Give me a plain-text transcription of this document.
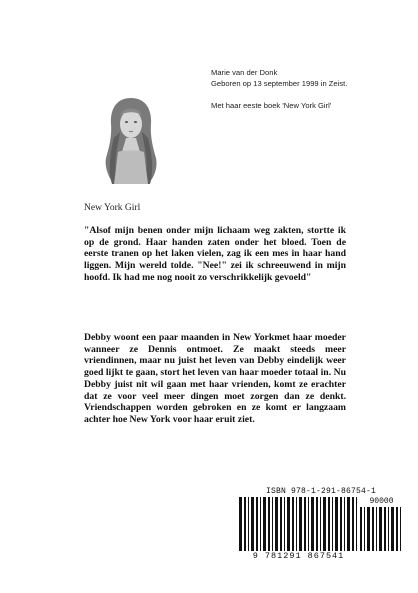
Marie van der Donk

Geboren op 13 september 1999 in Zeist.

Met haar eeste boek 'New York Girl'

New York Girl
"Alsof mijn benen onder mijn lichaam weg zakten, stortte ik op de grond. Haar handen zaten onder het bloed. Toen de eerste tranen op het laken vielen, zag ik een mes in haar hand liggen. Mijn wereld tolde. "Nee!" zei ik schreeuwend in mijn hoofd. Ik had me nog nooit zo verschrikkelijk gevoeld"
Debby woont een paar maanden in New Yorkmet haar moeder wanneer ze Dennis ontmoet. Ze maakt steeds meer vriendinnen, maar nu juist het leven van Debby eindelijk weer goed lijkt te gaan, stort het leven van haar moeder totaal in. Nu Debby juist nit wil gaan met haar vrienden, komt ze erachter dat ze voor veel meer dingen moet zorgen dan ze denkt. Vriendschappen worden gebroken en ze komt er langzaam achter hoe New York voor haar eruit ziet.
ISBN 978-1-291-86754-1
90000
9 781291 867541
